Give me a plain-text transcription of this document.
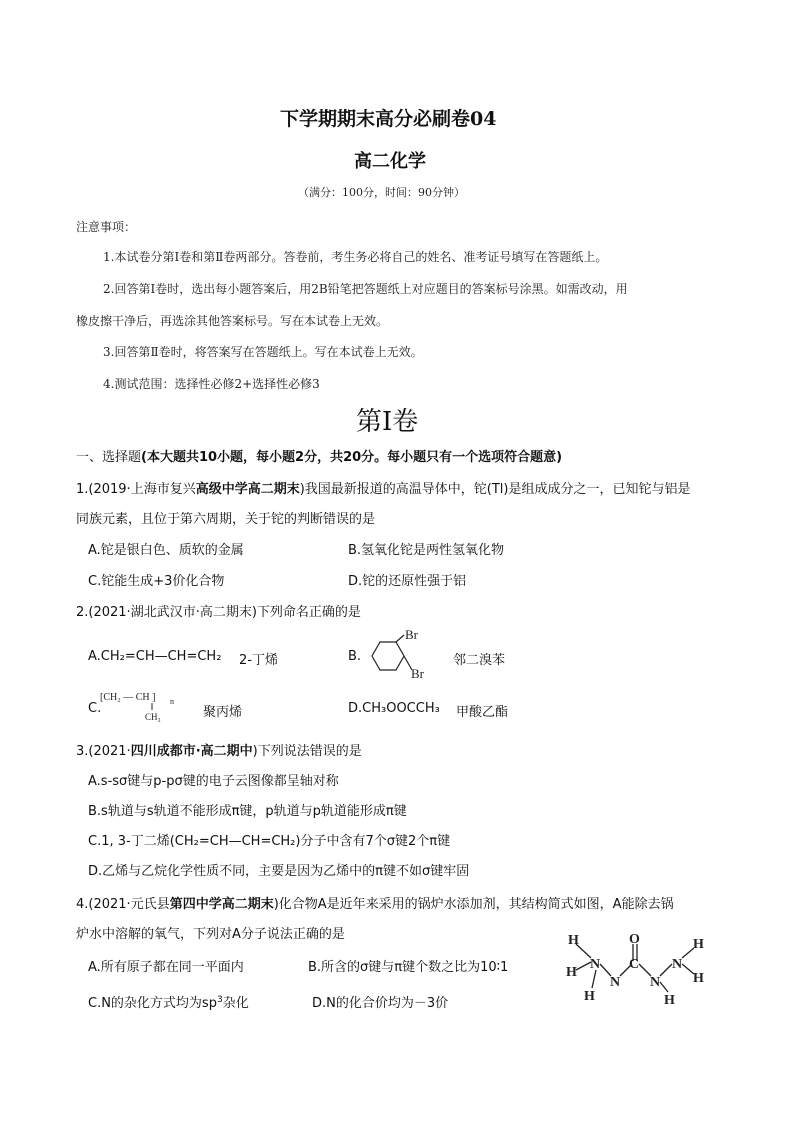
下学期期末高分必刷卷04
高二化学
（满分：100分，时间：90分钟）
注意事项：
1.本试卷分第Ⅰ卷和第Ⅱ卷两部分。答卷前，考生务必将自己的姓名、准考证号填写在答题纸上。
2.回答第Ⅰ卷时，选出每小题答案后，用2B铅笔把答题纸上对应题目的答案标号涂黑。如需改动，用
橡皮擦干净后，再选涂其他答案标号。写在本试卷上无效。
3.回答第Ⅱ卷时，将答案写在答题纸上。写在本试卷上无效。
4.测试范围：选择性必修2+选择性必修3
第Ⅰ卷
一、选择题(本大题共10小题，每小题2分，共20分。每小题只有一个选项符合题意)
1.(2019·上海市复兴高级中学高二期末)我国最新报道的高温导体中，铊(Tl)是组成成分之一，已知铊与铝是
同族元素，且位于第六周期，关于铊的判断错误的是
A.铊是银白色、质软的金属	B.氢氧化铊是两性氢氧化物
C.铊能生成+3价化合物	D.铊的还原性强于铝
2.(2021·湖北武汉市·高二期末)下列命名正确的是
A.CH₂=CH—CH=CH₂ 2-丁烯	B.
Br
Br
邻二溴苯
C.
[CH₂ — CH ] n
CH₃	聚丙烯	D.CH₃OOCCH₃ 甲酸乙酯
3.(2021·四川成都市·高二期中)下列说法错误的是
A.s-sσ键与p-pσ键的电子云图像都呈轴对称
B.s轨道与s轨道不能形成π键，p轨道与p轨道能形成π键
C.1, 3-丁二烯(CH₂=CH—CH=CH₂)分子中含有7个σ键2个π键
D.乙烯与乙烷化学性质不同，主要是因为乙烯中的π键不如σ键牢固
4.(2021·元氏县第四中学高二期末)化合物A是近年来采用的锅炉水添加剂，其结构简式如图，A能除去锅
炉水中溶解的氧气，下列对A分子说法正确的是
A.所有原子都在同一平面内	B.所含的σ键与π键个数之比为10∶1
C.N的杂化方式均为$sp^3$杂化	D.N的化合价均为－3价
H
H
N
H
N
C
O
N
H
N
H
H
